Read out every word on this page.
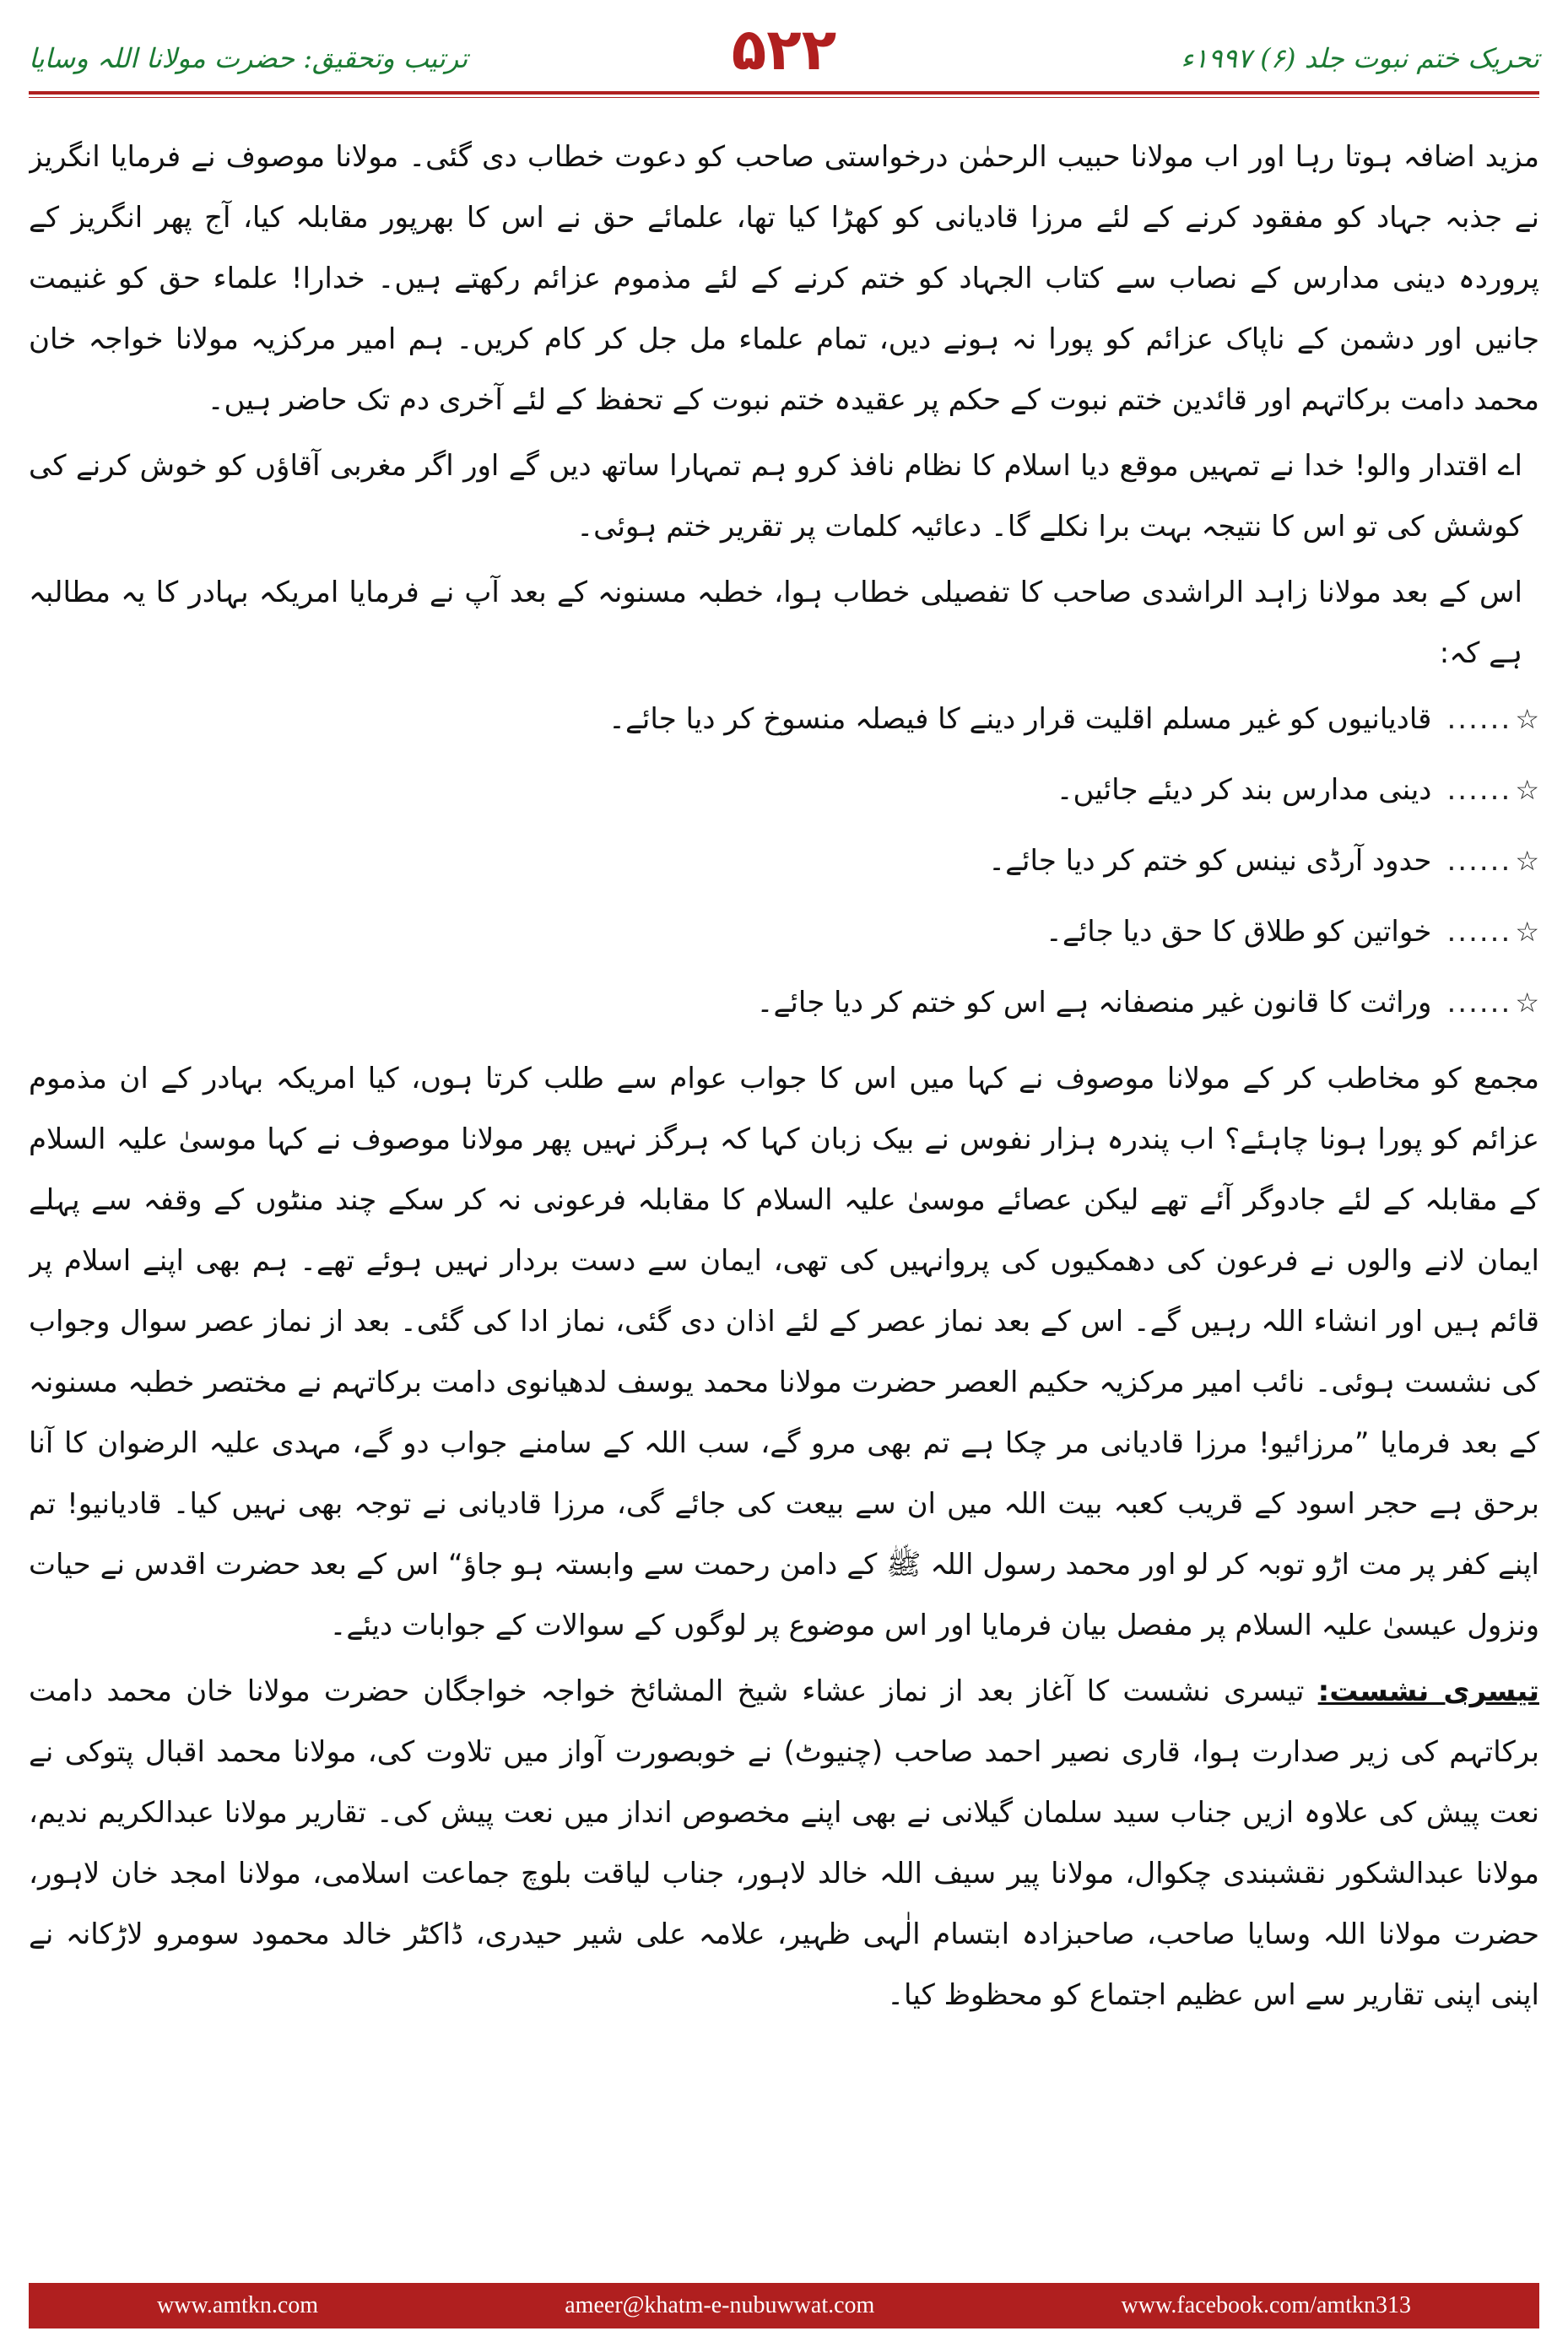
ترتیب وتحقیق: حضرت مولانا اللہ وسایا	۵۲۲	تحریک ختم نبوت جلد (۶) ۱۹۹۷ء

مزید اضافہ ہوتا رہا اور اب مولانا حبیب الرحمٰن درخواستی صاحب کو دعوت خطاب دی گئی۔ مولانا موصوف نے فرمایا انگریز نے جذبہ جہاد کو مفقود کرنے کے لئے مرزا قادیانی کو کھڑا کیا تھا، علمائے حق نے اس کا بھرپور مقابلہ کیا، آج پھر انگریز کے پروردہ دینی مدارس کے نصاب سے کتاب الجہاد کو ختم کرنے کے لئے مذموم عزائم رکھتے ہیں۔ خدارا! علماء حق کو غنیمت جانیں اور دشمن کے ناپاک عزائم کو پورا نہ ہونے دیں، تمام علماء مل جل کر کام کریں۔ ہم امیر مرکزیہ مولانا خواجہ خان محمد دامت برکاتہم اور قائدین ختم نبوت کے حکم پر عقیدہ ختم نبوت کے تحفظ کے لئے آخری دم تک حاضر ہیں۔

اے اقتدار والو! خدا نے تمہیں موقع دیا اسلام کا نظام نافذ کرو ہم تمہارا ساتھ دیں گے اور اگر مغربی آقاؤں کو خوش کرنے کی کوشش کی تو اس کا نتیجہ بہت برا نکلے گا۔ دعائیہ کلمات پر تقریر ختم ہوئی۔

اس کے بعد مولانا زاہد الراشدی صاحب کا تفصیلی خطاب ہوا، خطبہ مسنونہ کے بعد آپ نے فرمایا امریکہ بہادر کا یہ مطالبہ ہے کہ:

☆
......
قادیانیوں کو غیر مسلم اقلیت قرار دینے کا فیصلہ منسوخ کر دیا جائے۔
☆
......
دینی مدارس بند کر دیئے جائیں۔
☆
......
حدود آرڈی نینس کو ختم کر دیا جائے۔
☆
......
خواتین کو طلاق کا حق دیا جائے۔
☆
......
وراثت کا قانون غیر منصفانہ ہے اس کو ختم کر دیا جائے۔

مجمع کو مخاطب کر کے مولانا موصوف نے کہا میں اس کا جواب عوام سے طلب کرتا ہوں، کیا امریکہ بہادر کے ان مذموم عزائم کو پورا ہونا چاہئے؟ اب پندرہ ہزار نفوس نے بیک زبان کہا کہ ہرگز نہیں پھر مولانا موصوف نے کہا موسیٰ علیہ السلام کے مقابلہ کے لئے جادوگر آئے تھے لیکن عصائے موسیٰ علیہ السلام کا مقابلہ فرعونی نہ کر سکے چند منٹوں کے وقفہ سے پہلے ایمان لانے والوں نے فرعون کی دھمکیوں کی پروانہیں کی تھی، ایمان سے دست بردار نہیں ہوئے تھے۔ ہم بھی اپنے اسلام پر قائم ہیں اور انشاء اللہ رہیں گے۔ اس کے بعد نماز عصر کے لئے اذان دی گئی، نماز ادا کی گئی۔ بعد از نماز عصر سوال وجواب کی نشست ہوئی۔ نائب امیر مرکزیہ حکیم العصر حضرت مولانا محمد یوسف لدھیانوی دامت برکاتہم نے مختصر خطبہ مسنونہ کے بعد فرمایا ”مرزائیو! مرزا قادیانی مر چکا ہے تم بھی مرو گے، سب اللہ کے سامنے جواب دو گے، مہدی علیہ الرضوان کا آنا برحق ہے حجر اسود کے قریب کعبہ بیت اللہ میں ان سے بیعت کی جائے گی، مرزا قادیانی نے توجہ بھی نہیں کیا۔ قادیانیو! تم اپنے کفر پر مت اڑو توبہ کر لو اور محمد رسول اللہ ﷺ کے دامن رحمت سے وابستہ ہو جاؤ“ اس کے بعد حضرت اقدس نے حیات ونزول عیسیٰ علیہ السلام پر مفصل بیان فرمایا اور اس موضوع پر لوگوں کے سوالات کے جوابات دیئے۔

تیسری نشست: تیسری نشست کا آغاز بعد از نماز عشاء شیخ المشائخ خواجہ خواجگان حضرت مولانا خان محمد دامت برکاتہم کی زیر صدارت ہوا، قاری نصیر احمد صاحب (چنیوٹ) نے خوبصورت آواز میں تلاوت کی، مولانا محمد اقبال پتوکی نے نعت پیش کی علاوہ ازیں جناب سید سلمان گیلانی نے بھی اپنے مخصوص انداز میں نعت پیش کی۔ تقاریر مولانا عبدالکریم ندیم، مولانا عبدالشکور نقشبندی چکوال، مولانا پیر سیف اللہ خالد لاہور، جناب لیاقت بلوچ جماعت اسلامی، مولانا امجد خان لاہور، حضرت مولانا اللہ وسایا صاحب، صاحبزادہ ابتسام الٰہی ظہیر، علامہ علی شیر حیدری، ڈاکٹر خالد محمود سومرو لاڑکانہ نے اپنی اپنی تقاریر سے اس عظیم اجتماع کو محظوظ کیا۔

www.amtkn.com	ameer@khatm-e-nubuwwat.com	www.facebook.com/amtkn313
